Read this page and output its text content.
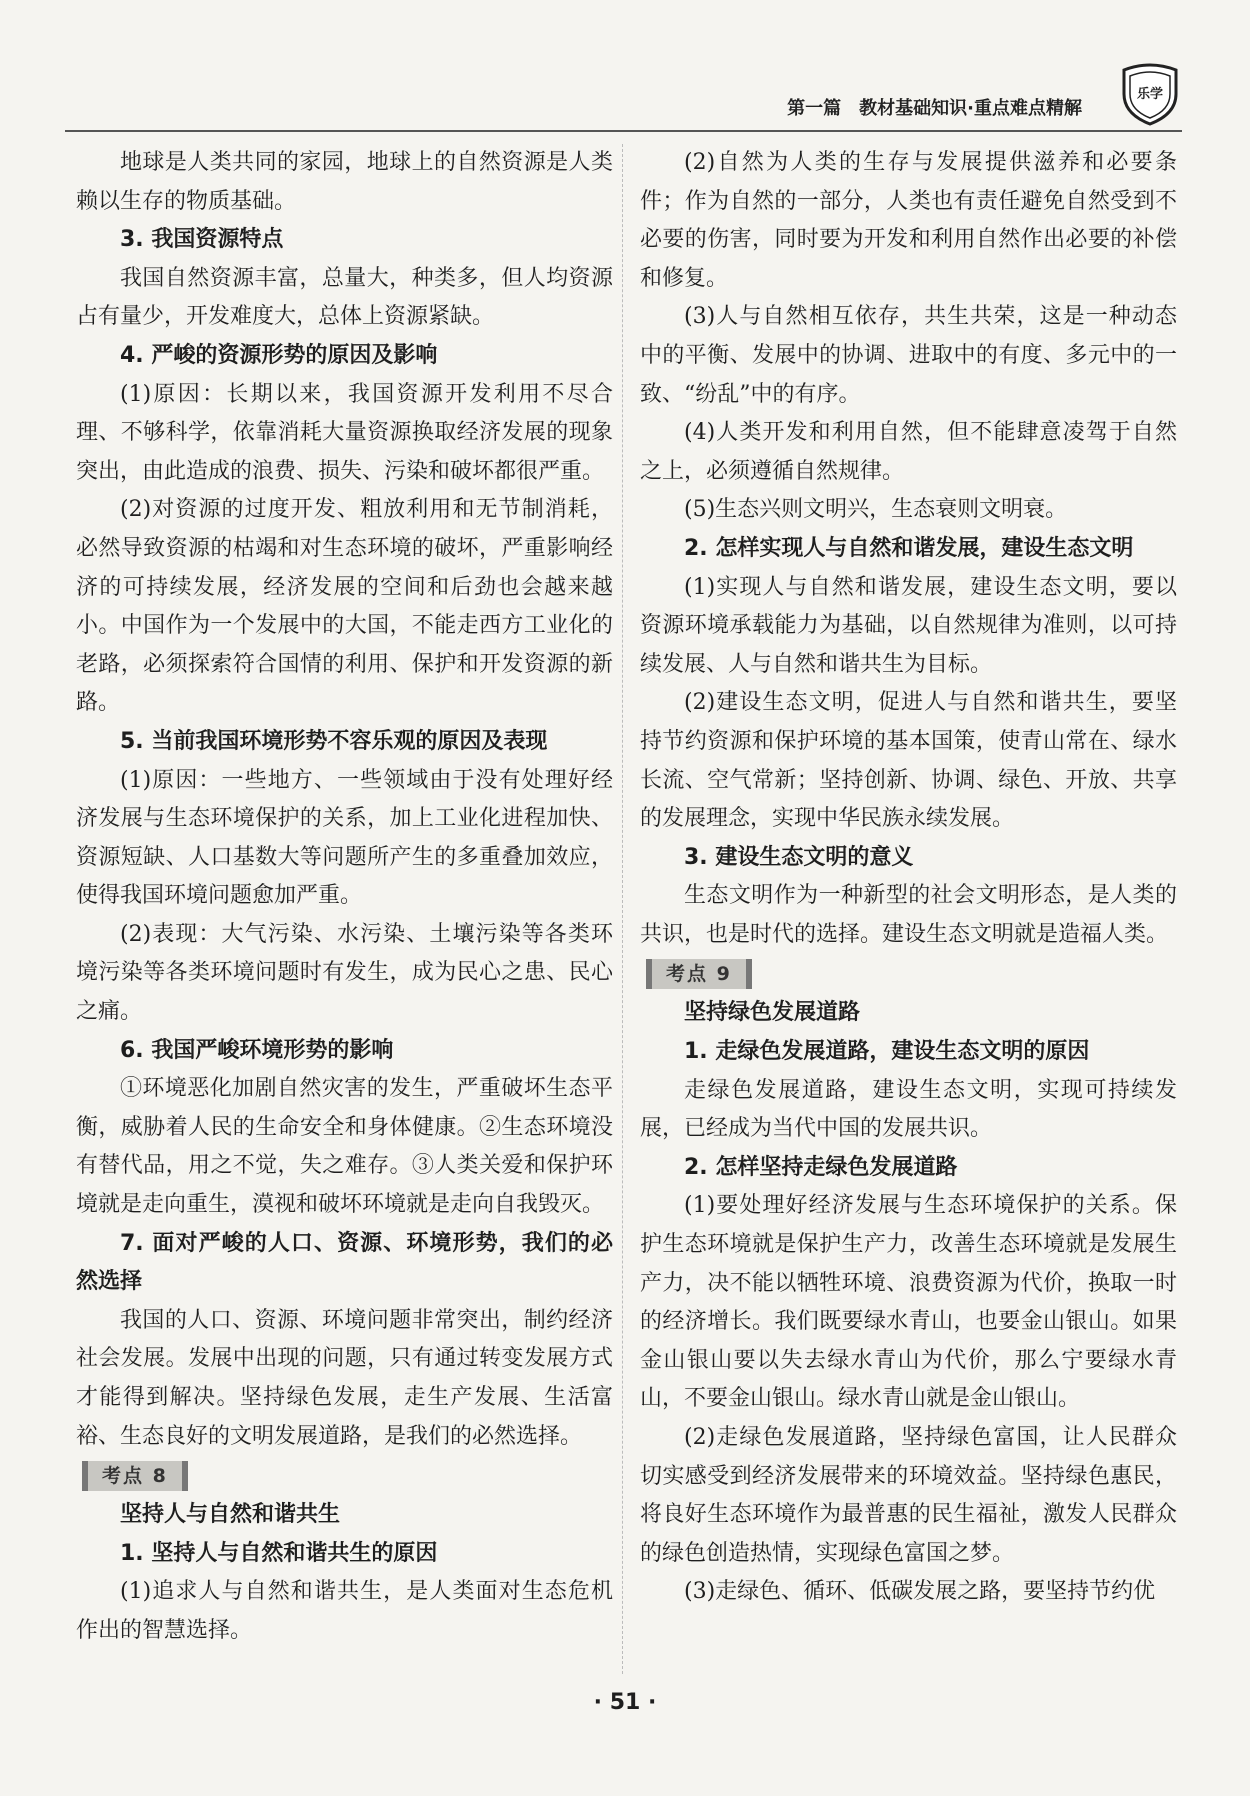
第一篇　教材基础知识·重点难点精解
乐学

地球是人类共同的家园，地球上的自然资源是人类赖以生存的物质基础。

3. 我国资源特点

我国自然资源丰富，总量大，种类多，但人均资源占有量少，开发难度大，总体上资源紧缺。

4. 严峻的资源形势的原因及影响

(1)原因：长期以来，我国资源开发利用不尽合理、不够科学，依靠消耗大量资源换取经济发展的现象突出，由此造成的浪费、损失、污染和破坏都很严重。

(2)对资源的过度开发、粗放利用和无节制消耗，必然导致资源的枯竭和对生态环境的破坏，严重影响经济的可持续发展，经济发展的空间和后劲也会越来越小。中国作为一个发展中的大国，不能走西方工业化的老路，必须探索符合国情的利用、保护和开发资源的新路。

5. 当前我国环境形势不容乐观的原因及表现

(1)原因：一些地方、一些领域由于没有处理好经济发展与生态环境保护的关系，加上工业化进程加快、资源短缺、人口基数大等问题所产生的多重叠加效应，使得我国环境问题愈加严重。

(2)表现：大气污染、水污染、土壤污染等各类环境污染等各类环境问题时有发生，成为民心之患、民心之痛。

6. 我国严峻环境形势的影响

①环境恶化加剧自然灾害的发生，严重破坏生态平衡，威胁着人民的生命安全和身体健康。②生态环境没有替代品，用之不觉，失之难存。③人类关爱和保护环境就是走向重生，漠视和破坏环境就是走向自我毁灭。

7. 面对严峻的人口、资源、环境形势，我们的必然选择

我国的人口、资源、环境问题非常突出，制约经济社会发展。发展中出现的问题，只有通过转变发展方式才能得到解决。坚持绿色发展，走生产发展、生活富裕、生态良好的文明发展道路，是我们的必然选择。

考点 8

坚持人与自然和谐共生

1. 坚持人与自然和谐共生的原因

(1)追求人与自然和谐共生，是人类面对生态危机作出的智慧选择。

(2)自然为人类的生存与发展提供滋养和必要条件；作为自然的一部分，人类也有责任避免自然受到不必要的伤害，同时要为开发和利用自然作出必要的补偿和修复。

(3)人与自然相互依存，共生共荣，这是一种动态中的平衡、发展中的协调、进取中的有度、多元中的一致、“纷乱”中的有序。

(4)人类开发和利用自然，但不能肆意凌驾于自然之上，必须遵循自然规律。

(5)生态兴则文明兴，生态衰则文明衰。

2. 怎样实现人与自然和谐发展，建设生态文明

(1)实现人与自然和谐发展，建设生态文明，要以资源环境承载能力为基础，以自然规律为准则，以可持续发展、人与自然和谐共生为目标。

(2)建设生态文明，促进人与自然和谐共生，要坚持节约资源和保护环境的基本国策，使青山常在、绿水长流、空气常新；坚持创新、协调、绿色、开放、共享的发展理念，实现中华民族永续发展。

3. 建设生态文明的意义

生态文明作为一种新型的社会文明形态，是人类的共识，也是时代的选择。建设生态文明就是造福人类。

考点 9

坚持绿色发展道路

1. 走绿色发展道路，建设生态文明的原因

走绿色发展道路，建设生态文明，实现可持续发展，已经成为当代中国的发展共识。

2. 怎样坚持走绿色发展道路

(1)要处理好经济发展与生态环境保护的关系。保护生态环境就是保护生产力，改善生态环境就是发展生产力，决不能以牺牲环境、浪费资源为代价，换取一时的经济增长。我们既要绿水青山，也要金山银山。如果金山银山要以失去绿水青山为代价，那么宁要绿水青山，不要金山银山。绿水青山就是金山银山。

(2)走绿色发展道路，坚持绿色富国，让人民群众切实感受到经济发展带来的环境效益。坚持绿色惠民，将良好生态环境作为最普惠的民生福祉，激发人民群众的绿色创造热情，实现绿色富国之梦。

(3)走绿色、循环、低碳发展之路，要坚持节约优

· 51 ·
